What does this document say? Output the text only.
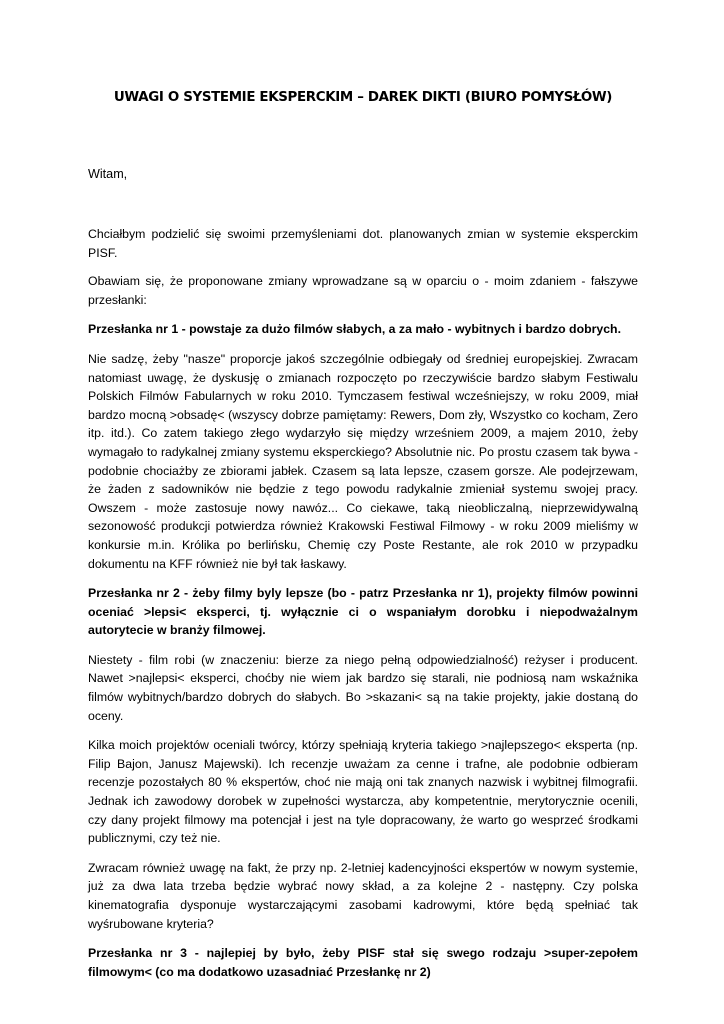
UWAGI O SYSTEMIE EKSPERCKIM – DAREK DIKTI (BIURO POMYSŁÓW)

Witam,

Chciałbym podzielić się swoimi przemyśleniami dot. planowanych zmian w systemie eksperckim PISF.

Obawiam się, że proponowane zmiany wprowadzane są w oparciu o - moim zdaniem - fałszywe przesłanki:

Przesłanka nr 1 - powstaje za dużo filmów słabych, a za mało - wybitnych i bardzo dobrych.

Nie sadzę, żeby "nasze" proporcje jakoś szczególnie odbiegały od średniej europejskiej. Zwracam natomiast uwagę, że dyskusję o zmianach rozpoczęto po rzeczywiście bardzo słabym Festiwalu Polskich Filmów Fabularnych w roku 2010. Tymczasem festiwal wcześniejszy, w roku 2009, miał bardzo mocną >obsadę< (wszyscy dobrze pamiętamy: Rewers, Dom zły, Wszystko co kocham, Zero itp. itd.). Co zatem takiego złego wydarzyło się między wrześniem 2009, a majem 2010, żeby wymagało to radykalnej zmiany systemu eksperckiego? Absolutnie nic. Po prostu czasem tak bywa - podobnie chociażby ze zbiorami jabłek. Czasem są lata lepsze, czasem gorsze. Ale podejrzewam, że żaden z sadowników nie będzie z tego powodu radykalnie zmieniał systemu swojej pracy. Owszem - może zastosuje nowy nawóz... Co ciekawe, taką nieobliczalną, nieprzewidywalną sezonowość produkcji potwierdza również Krakowski Festiwal Filmowy - w roku 2009 mieliśmy w konkursie m.in. Królika po berlińsku, Chemię czy Poste Restante, ale rok 2010 w przypadku dokumentu na KFF również nie był tak łaskawy.

Przesłanka nr 2 - żeby filmy byly lepsze (bo - patrz Przesłanka nr 1), projekty filmów powinni oceniać >lepsi< eksperci, tj. wyłącznie ci o wspaniałym dorobku i niepodważalnym autorytecie w branży filmowej.

Niestety - film robi (w znaczeniu: bierze za niego pełną odpowiedzialność) reżyser i producent. Nawet >najlepsi< eksperci, choćby nie wiem jak bardzo się starali, nie podniosą nam wskaźnika filmów wybitnych/bardzo dobrych do słabych. Bo >skazani< są na takie projekty, jakie dostaną do oceny.

Kilka moich projektów oceniali twórcy, którzy spełniają kryteria takiego >najlepszego< eksperta (np. Filip Bajon, Janusz Majewski). Ich recenzje uważam za cenne i trafne, ale podobnie odbieram recenzje pozostałych 80 % ekspertów, choć nie mają oni tak znanych nazwisk i wybitnej filmografii. Jednak ich zawodowy dorobek w zupełności wystarcza, aby kompetentnie, merytorycznie ocenili, czy dany projekt filmowy ma potencjał i jest na tyle dopracowany, że warto go wesprzeć środkami publicznymi, czy też nie.

Zwracam również uwagę na fakt, że przy np. 2-letniej kadencyjności ekspertów w nowym systemie, już za dwa lata trzeba będzie wybrać nowy skład, a za kolejne 2 - następny. Czy polska kinematografia dysponuje wystarczającymi zasobami kadrowymi, które będą spełniać tak wyśrubowane kryteria?

Przesłanka nr 3 - najlepiej by było, żeby PISF stał się swego rodzaju >super-zepołem filmowym< (co ma dodatkowo uzasadniać Przesłankę nr 2)
